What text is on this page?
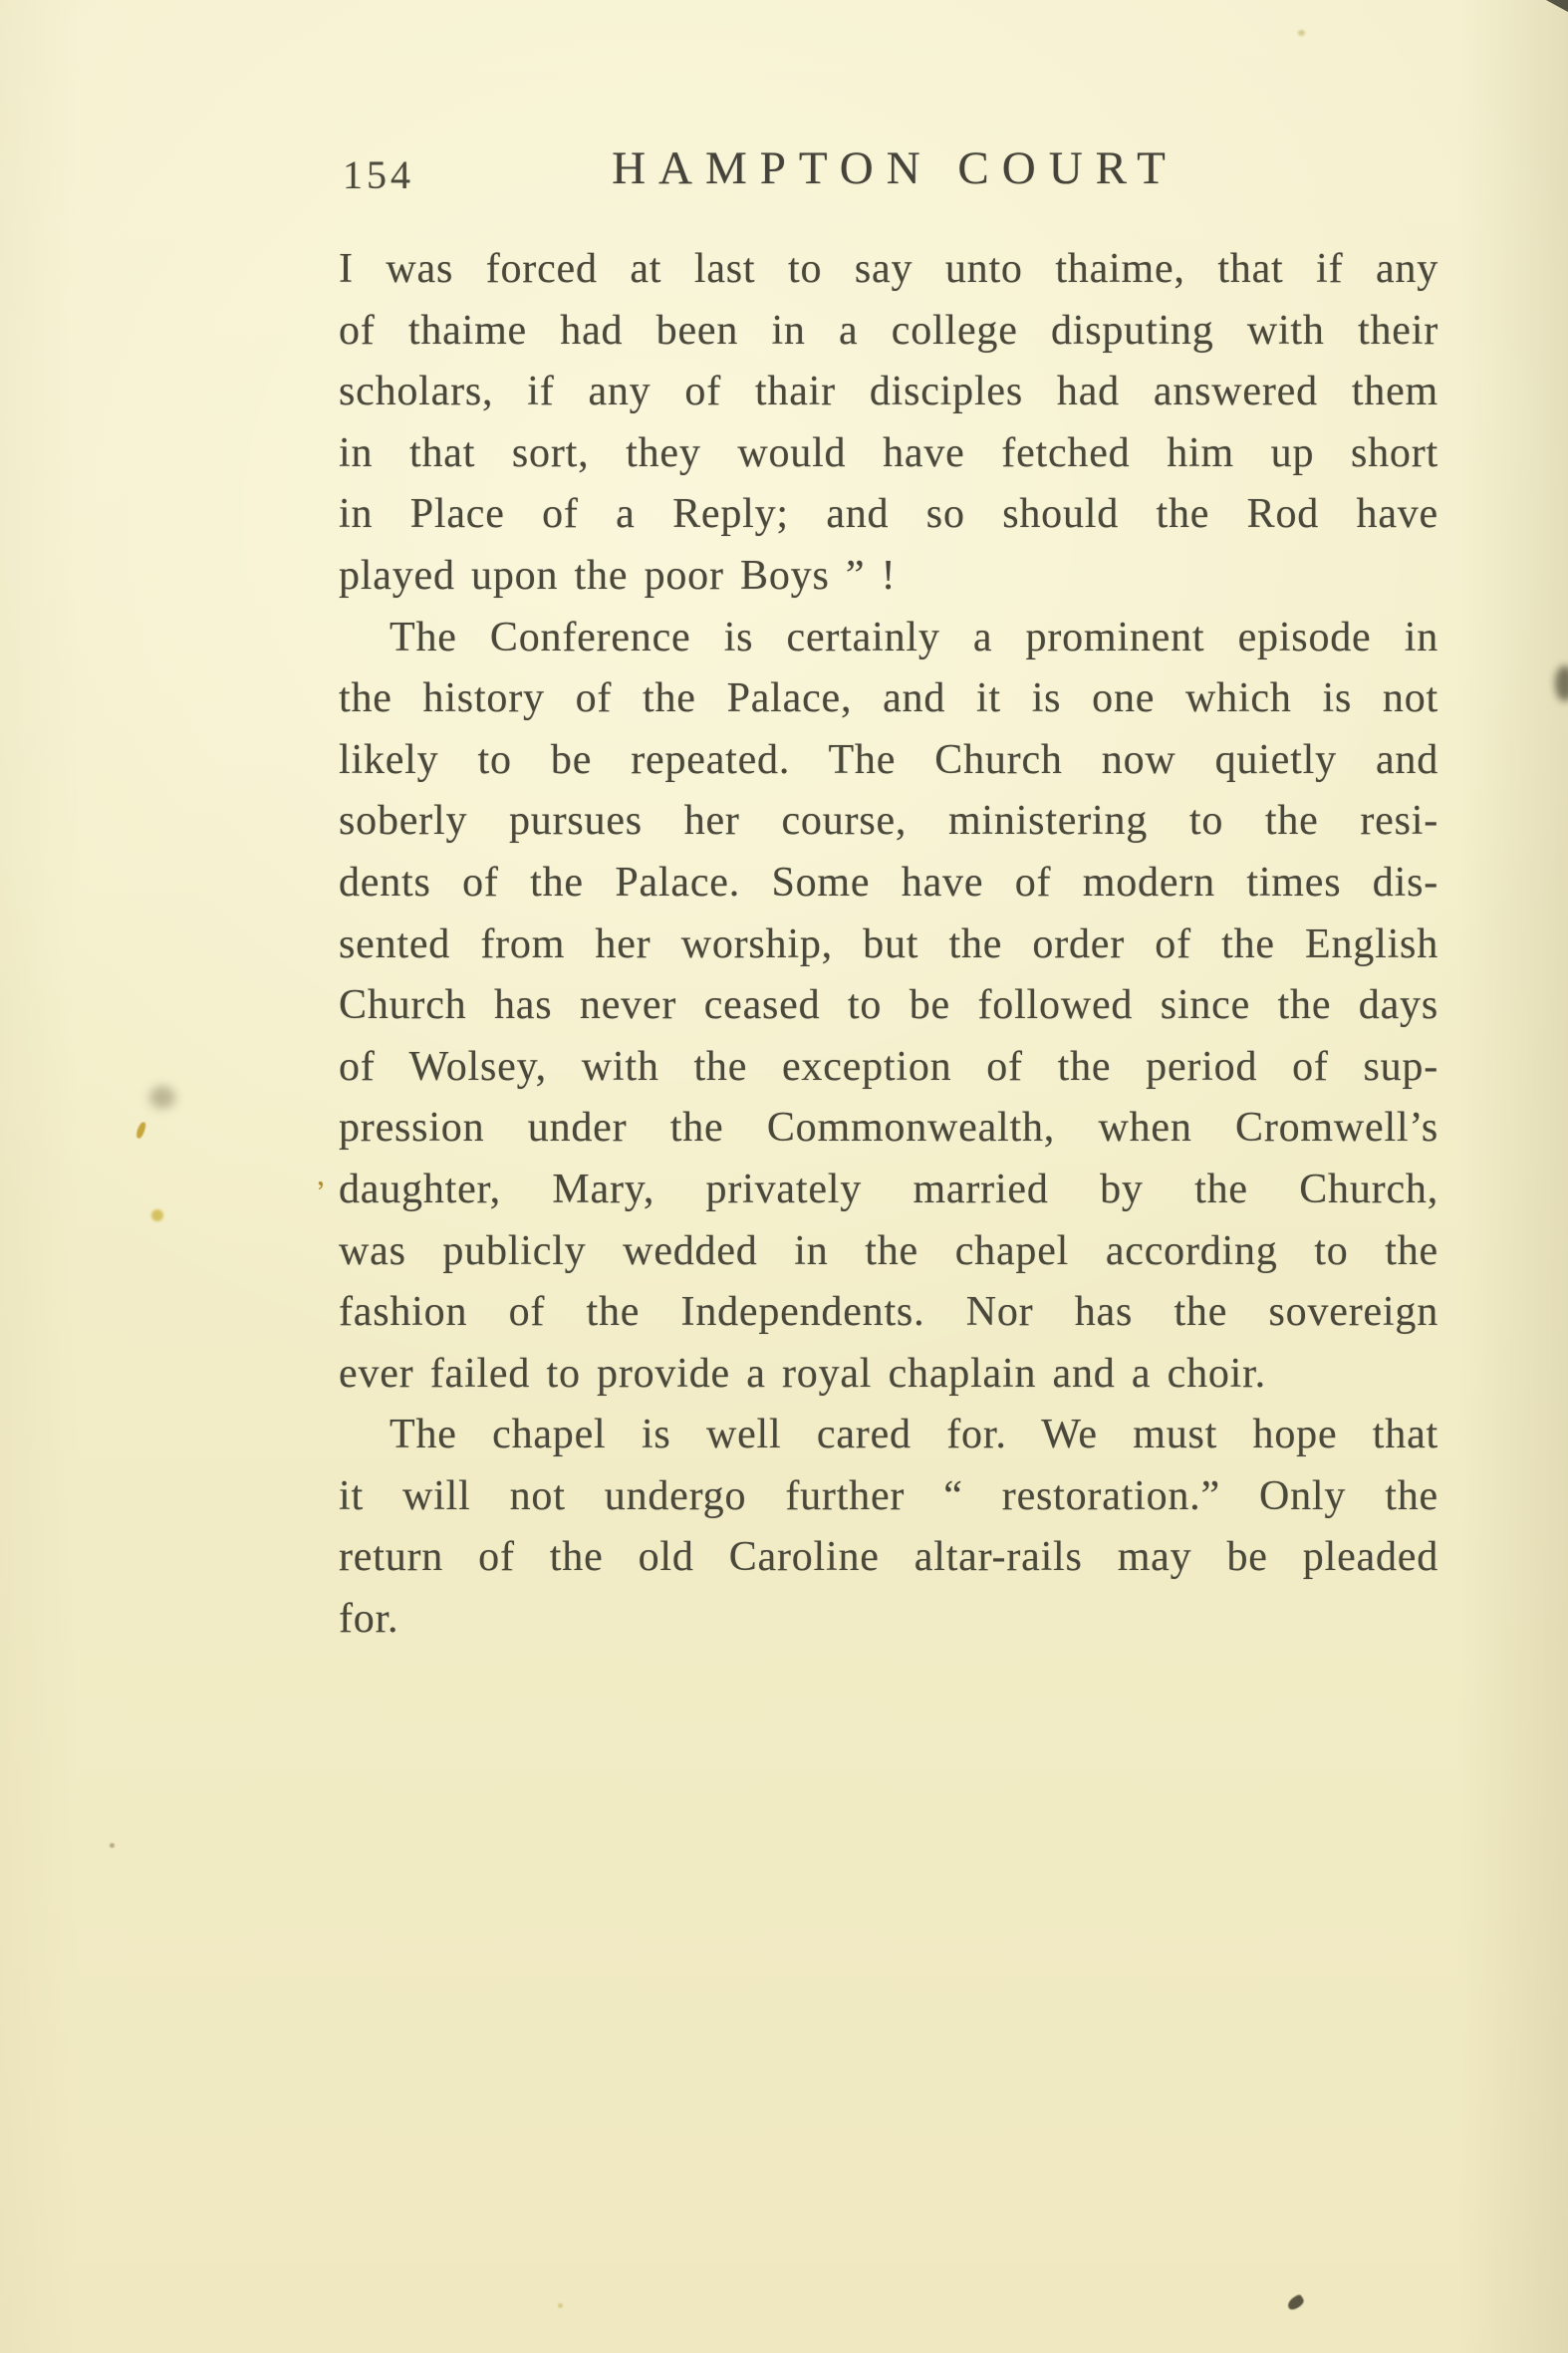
154	HAMPTON COURT
I was forced at last to say unto thaime, that if any
of thaime had been in a college disputing with their
scholars, if any of thair disciples had answered them
in that sort, they would have fetched him up short
in Place of a Reply; and so should the Rod have
played upon the poor Boys ” !
The Conference is certainly a prominent episode in
the history of the Palace, and it is one which is not
likely to be repeated. The Church now quietly and
soberly pursues her course, ministering to the resi-
dents of the Palace. Some have of modern times dis-
sented from her worship, but the order of the English
Church has never ceased to be followed since the days
of Wolsey, with the exception of the period of sup-
pression under the Commonwealth, when Cromwell’s
daughter, Mary, privately married by the Church,
was publicly wedded in the chapel according to the
fashion of the Independents. Nor has the sovereign
ever failed to provide a royal chaplain and a choir.
The chapel is well cared for. We must hope that
it will not undergo further “ restoration.” Only the
return of the old Caroline altar-rails may be pleaded
for.
’
